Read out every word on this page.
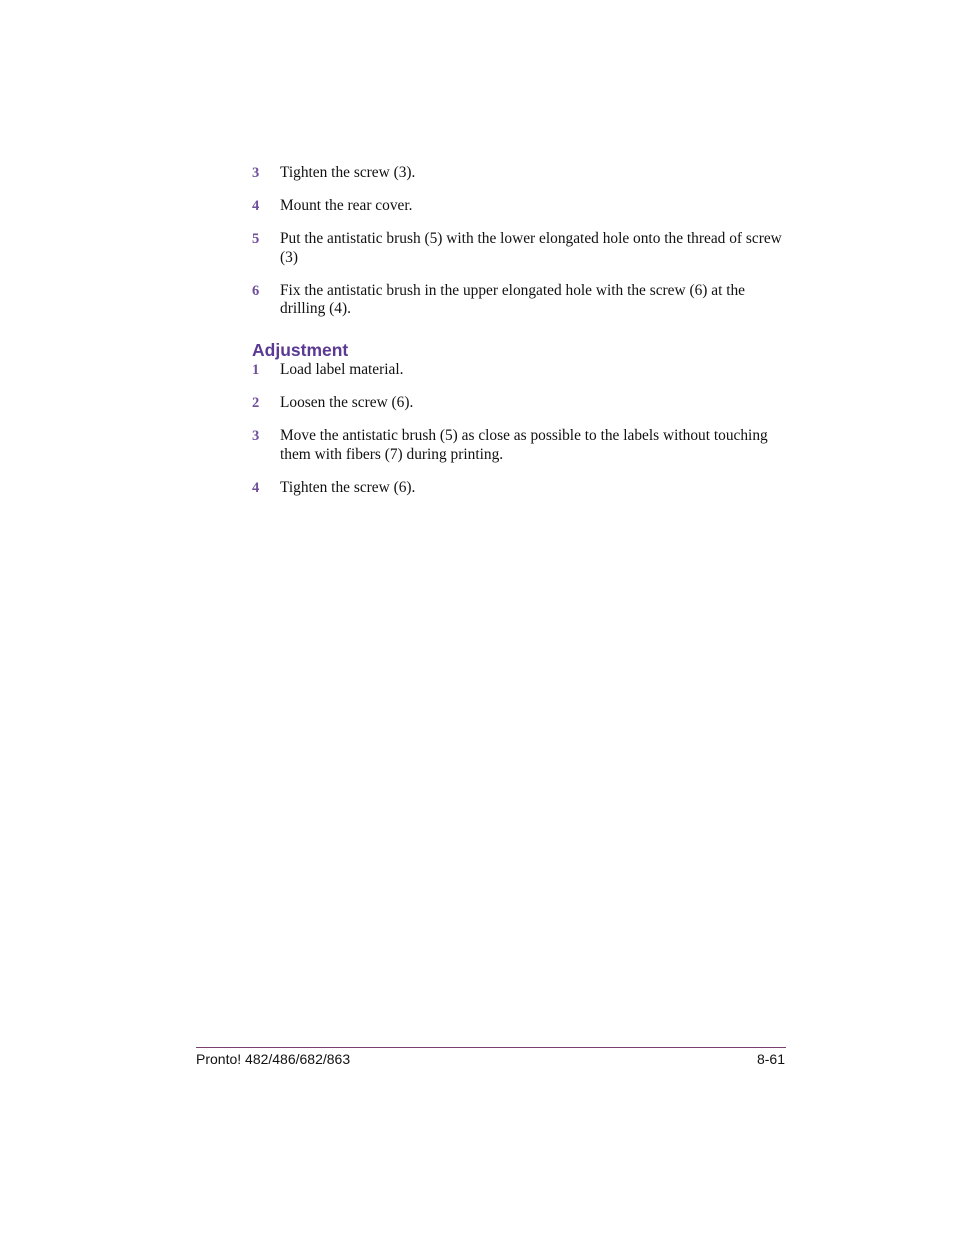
3	Tighten the screw (3).
4	Mount the rear cover.
5	Put the antistatic brush (5) with the lower elongated hole onto the thread of screw (3)
6	Fix the antistatic brush in the upper elongated hole with the screw (6) at the drilling (4).
Adjustment
1	Load label material.
2	Loosen the screw (6).
3	Move the antistatic brush (5) as close as possible to the labels without touching them with fibers (7) during printing.
4	Tighten the screw (6).
Pronto! 482/486/682/863	8-61
